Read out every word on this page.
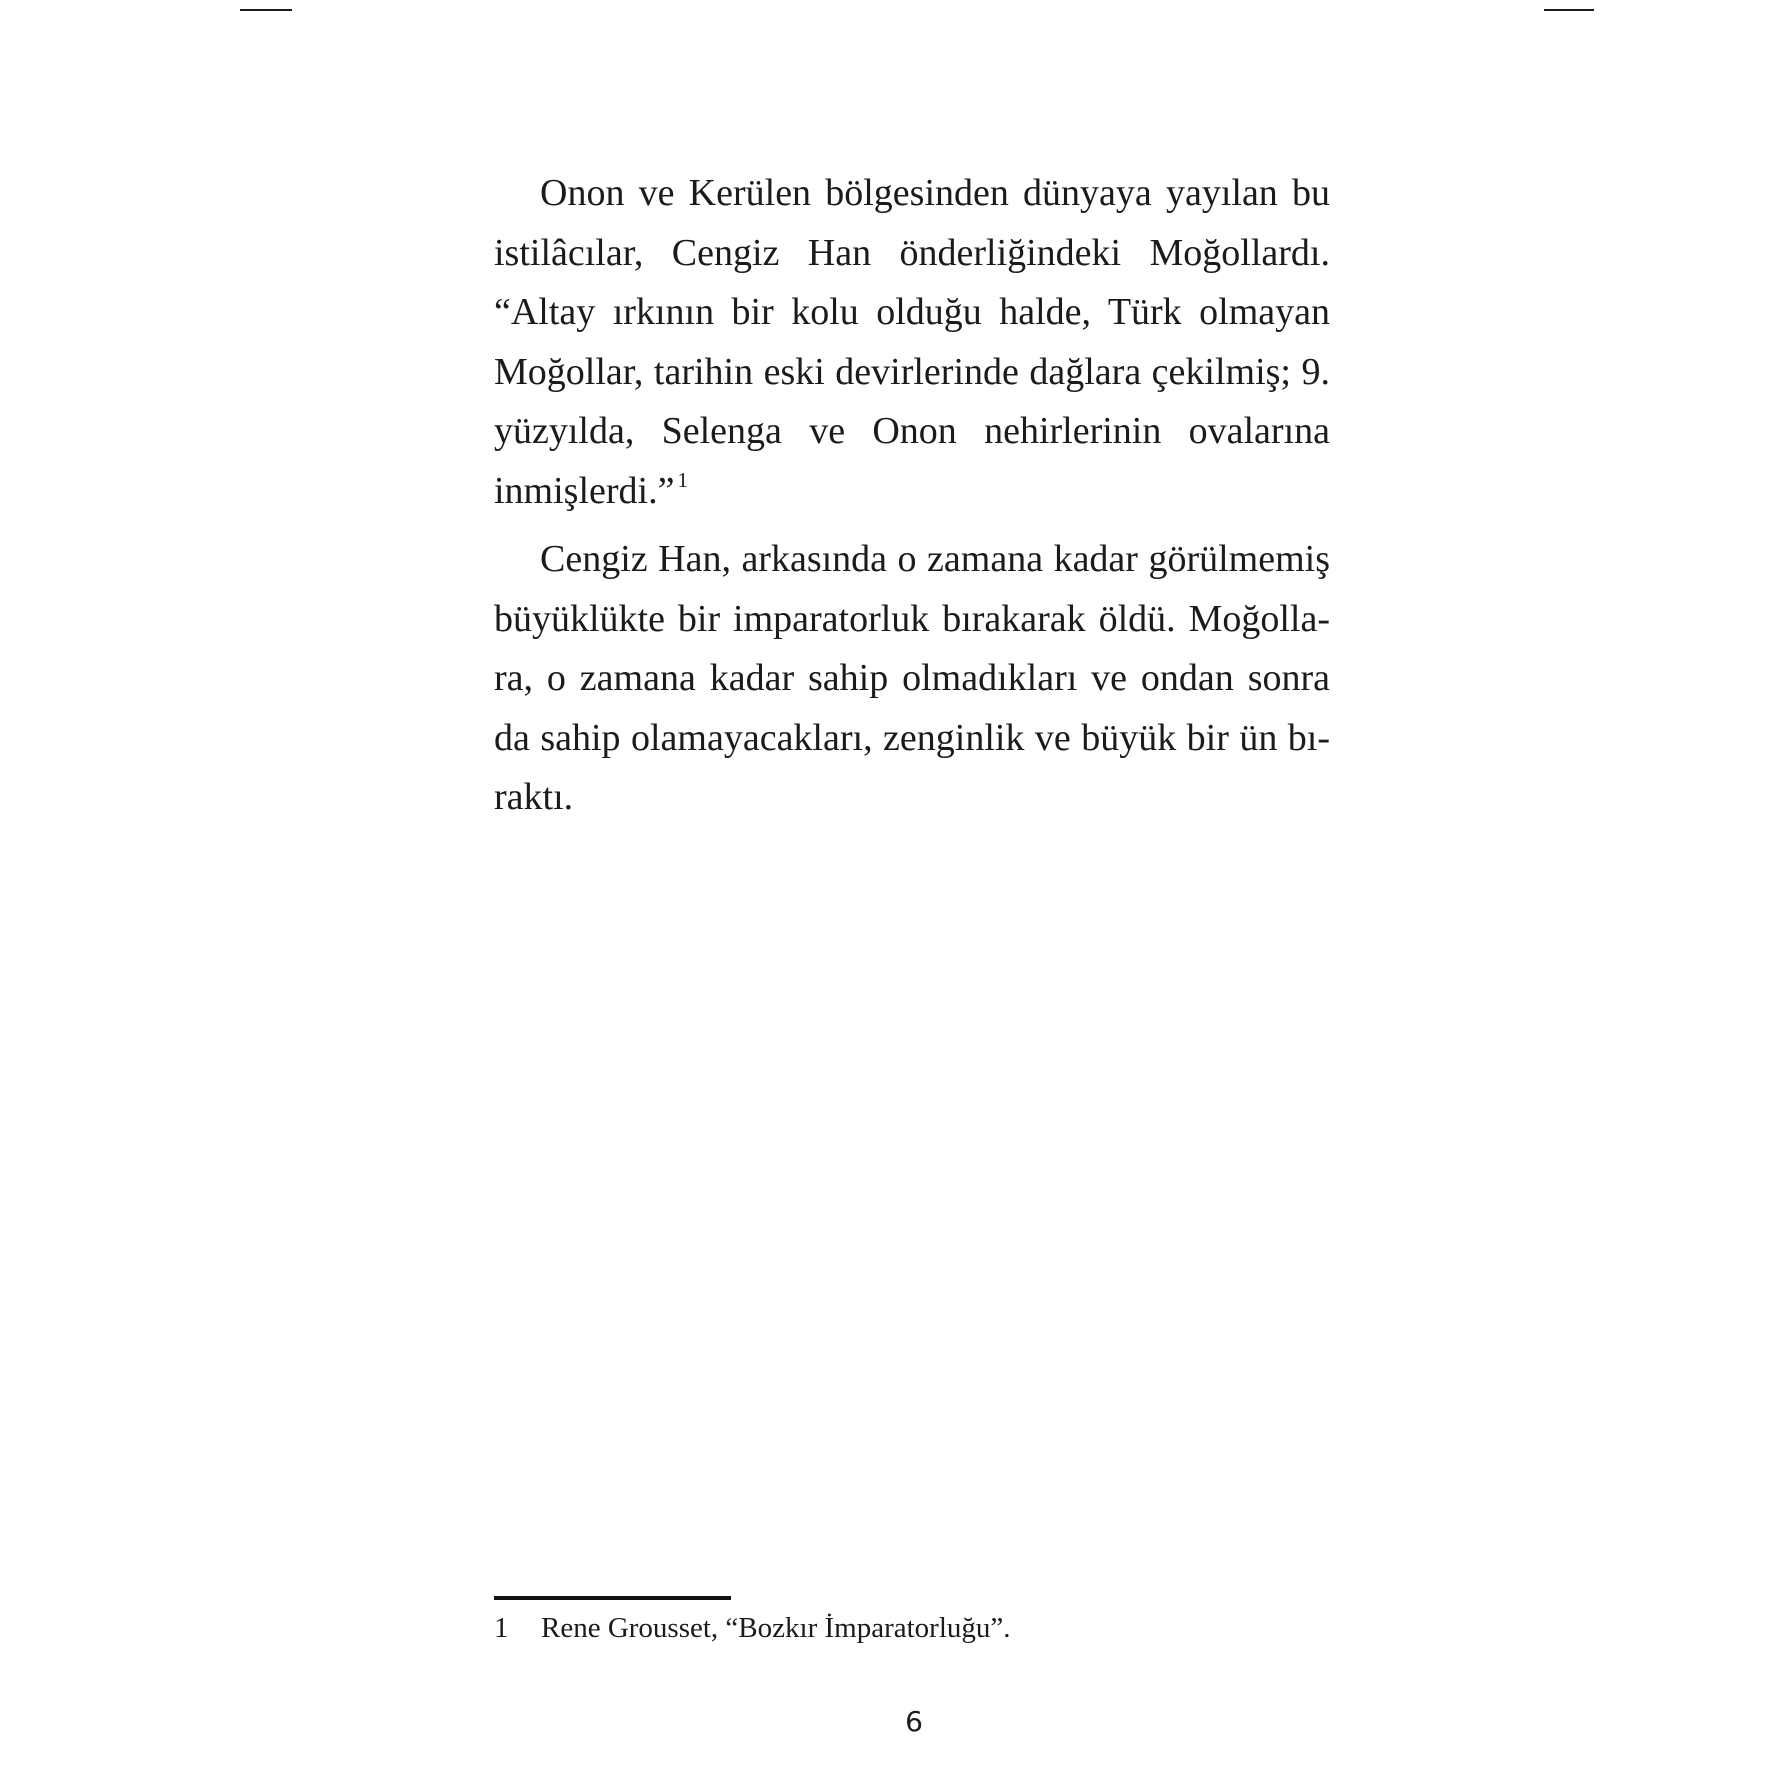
Onon ve Kerülen bölgesinden dünyaya yayılan bu istilâcılar, Cengiz Han önderliğindeki Moğollardı. “Altay ırkının bir kolu olduğu halde, Türk olmayan Moğollar, tarihin eski devirlerinde dağlara çekilmiş; 9. yüzyılda, Selenga ve Onon nehirlerinin ovalarına inmişlerdi.” $^1$

Cengiz Han, arkasında o zamana kadar görülmemiş büyüklükte bir imparatorluk bırakarak öldü. Moğollara, o zamana kadar sahip olmadıkları ve ondan sonra da sahip olamayacakları, zenginlik ve büyük bir ün bıraktı.

1 Rene Grousset, “Bozkır İmparatorluğu”.
6
